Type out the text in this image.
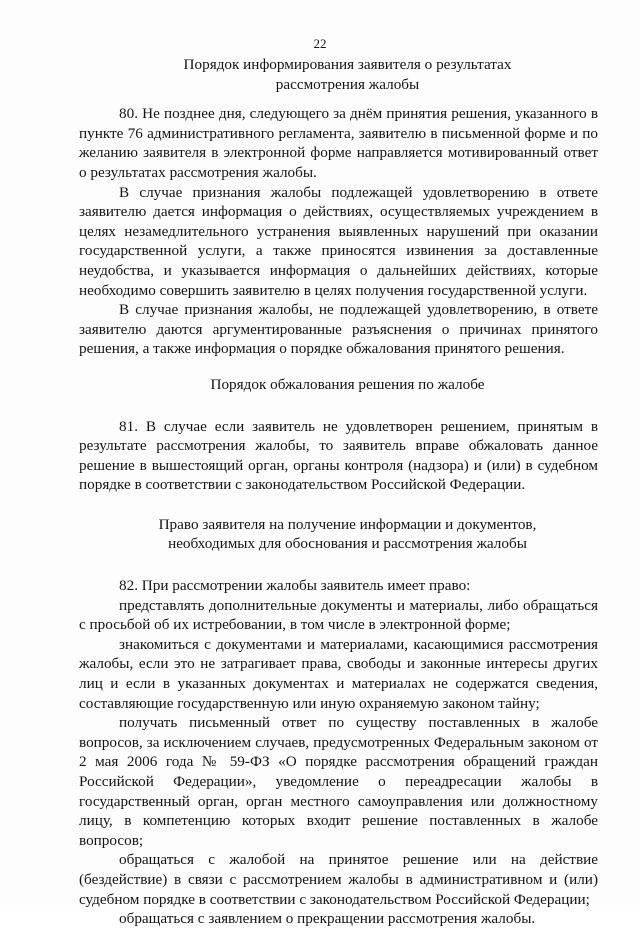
22
Порядок информирования заявителя о результатах
рассмотрения жалобы

80. Не позднее дня, следующего за днём принятия решения, указанного в пункте 76 административного регламента, заявителю в письменной форме и по желанию заявителя в электронной форме направляется мотивированный ответ о результатах рассмотрения жалобы.

В случае признания жалобы подлежащей удовлетворению в ответе заявителю дается информация о действиях, осуществляемых учреждением в целях незамедлительного устранения выявленных нарушений при оказании государственной услуги, а также приносятся извинения за доставленные неудобства, и указывается информация о дальнейших действиях, которые необходимо совершить заявителю в целях получения государственной услуги.

В случае признания жалобы, не подлежащей удовлетворению, в ответе заявителю даются аргументированные разъяснения о причинах принятого решения, а также информация о порядке обжалования принятого решения.

Порядок обжалования решения по жалобе

81. В случае если заявитель не удовлетворен решением, принятым в результате рассмотрения жалобы, то заявитель вправе обжаловать данное решение в вышестоящий орган, органы контроля (надзора) и (или) в судебном порядке в соответствии с законодательством Российской Федерации.

Право заявителя на получение информации и документов,
необходимых для обоснования и рассмотрения жалобы

82. При рассмотрении жалобы заявитель имеет право:

представлять дополнительные документы и материалы, либо обращаться с просьбой об их истребовании, в том числе в электронной форме;

знакомиться с документами и материалами, касающимися рассмотрения жалобы, если это не затрагивает права, свободы и законные интересы других лиц и если в указанных документах и материалах не содержатся сведения, составляющие государственную или иную охраняемую законом тайну;

получать письменный ответ по существу поставленных в жалобе вопросов, за исключением случаев, предусмотренных Федеральным законом от 2 мая 2006 года № 59-ФЗ «О порядке рассмотрения обращений граждан Российской Федерации», уведомление о переадресации жалобы в государственный орган, орган местного самоуправления или должностному лицу, в компетенцию которых входит решение поставленных в жалобе вопросов;

обращаться с жалобой на принятое решение или на действие (бездействие) в связи с рассмотрением жалобы в административном и (или) судебном порядке в соответствии с законодательством Российской Федерации;

обращаться с заявлением о прекращении рассмотрения жалобы.
